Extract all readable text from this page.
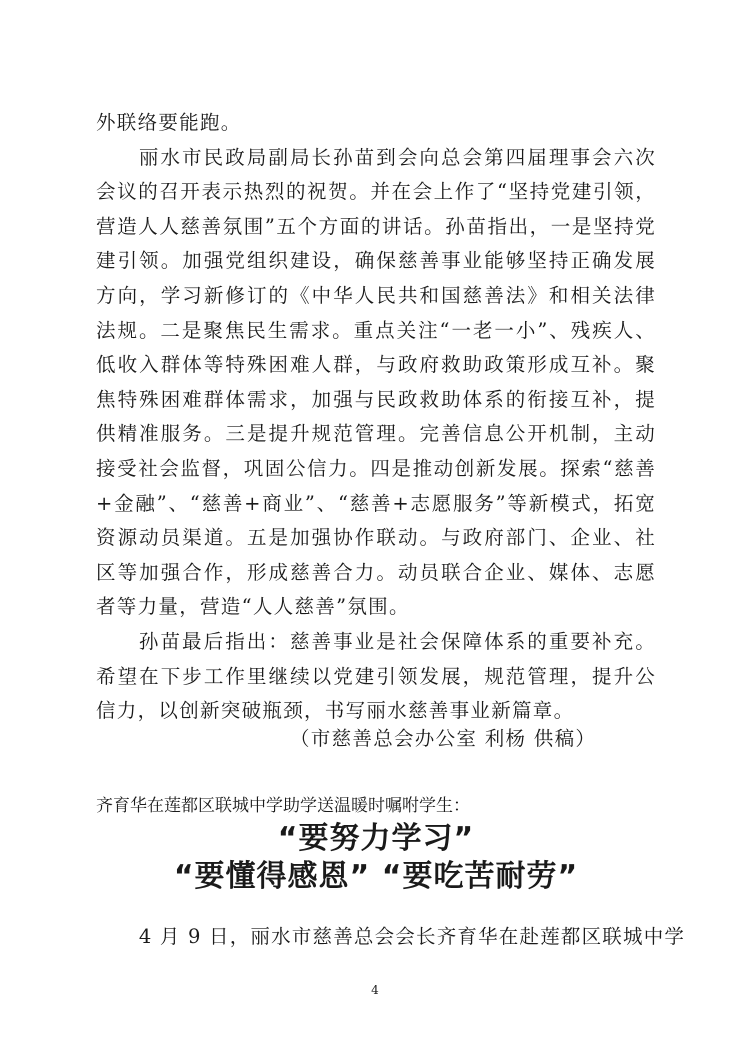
外联络要能跑。

丽水市民政局副局长孙苗到会向总会第四届理事会六次会议的召开表示热烈的祝贺。并在会上作了“坚持党建引领， 营造人人慈善氛围”五个方面的讲话。孙苗指出，一是坚持党建引领。加强党组织建设，确保慈善事业能够坚持正确发展方向，学习新修订的《中华人民共和国慈善法》和相关法律法规。二是聚焦民生需求。重点关注“一老一小”、残疾人、低收入群体等特殊困难人群，与政府救助政策形成互补。聚焦特殊困难群体需求，加强与民政救助体系的衔接互补，提供精准服务。三是提升规范管理。完善信息公开机制，主动接受社会监督，巩固公信力。四是推动创新发展。探索“慈善+金融”、“慈善+商业”、“慈善+志愿服务”等新模式，拓宽资源动员渠道。五是加强协作联动。与政府部门、企业、社区等加强合作，形成慈善合力。动员联合企业、媒体、志愿者等力量，营造“人人慈善”氛围。

孙苗最后指出：慈善事业是社会保障体系的重要补充。希望在下步工作里继续以党建引领发展，规范管理，提升公信力，以创新突破瓶颈，书写丽水慈善事业新篇章。

（市慈善总会办公室 利杨 供稿）
齐育华在莲都区联城中学助学送温暖时嘱咐学生：
“要努力学习”
“要懂得感恩” “要吃苦耐劳”
4 月 9 日，丽水市慈善总会会长齐育华在赴莲都区联城中学
4
